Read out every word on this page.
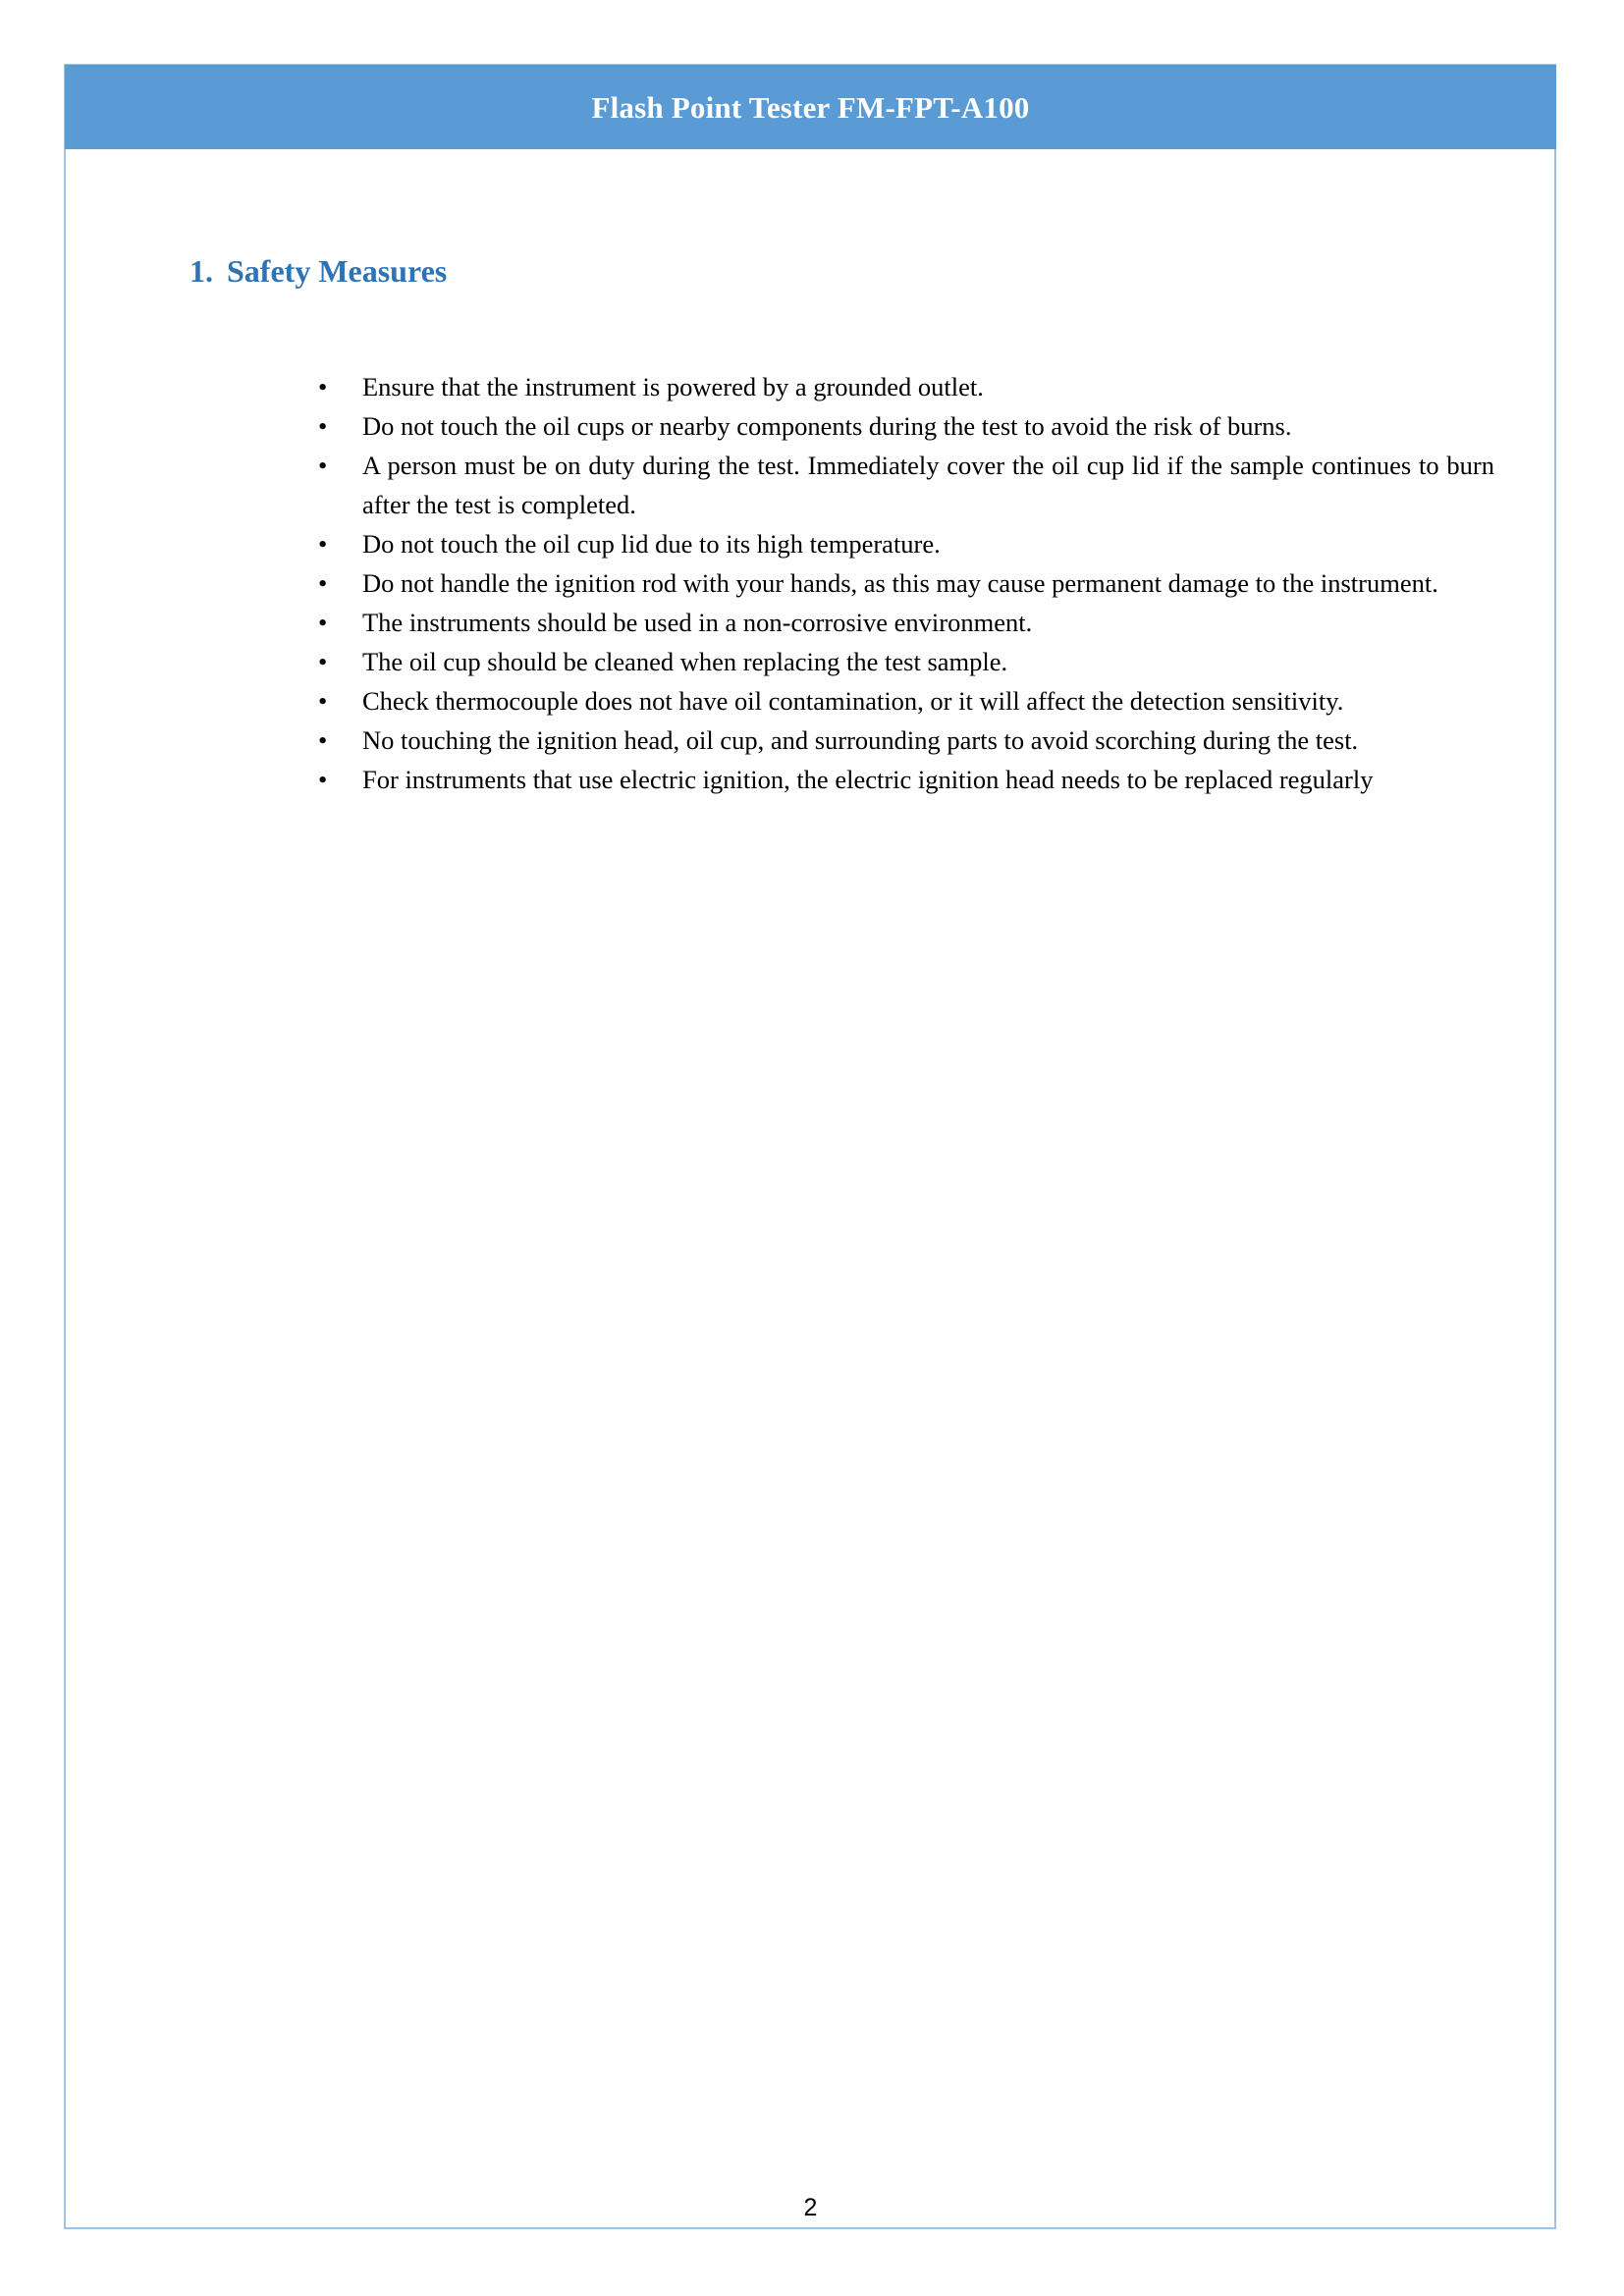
Flash Point Tester FM-FPT-A100
1. Safety Measures

• Ensure that the instrument is powered by a grounded outlet.

• Do not touch the oil cups or nearby components during the test to avoid the risk of burns.

• A person must be on duty during the test. Immediately cover the oil cup lid if the sample continues to burn after the test is completed.

• Do not touch the oil cup lid due to its high temperature.

• Do not handle the ignition rod with your hands, as this may cause permanent damage to the instrument.

• The instruments should be used in a non-corrosive environment.

• The oil cup should be cleaned when replacing the test sample.

• Check thermocouple does not have oil contamination, or it will affect the detection sensitivity.

• No touching the ignition head, oil cup, and surrounding parts to avoid scorching during the test.

• For instruments that use electric ignition, the electric ignition head needs to be replaced regularly

2
